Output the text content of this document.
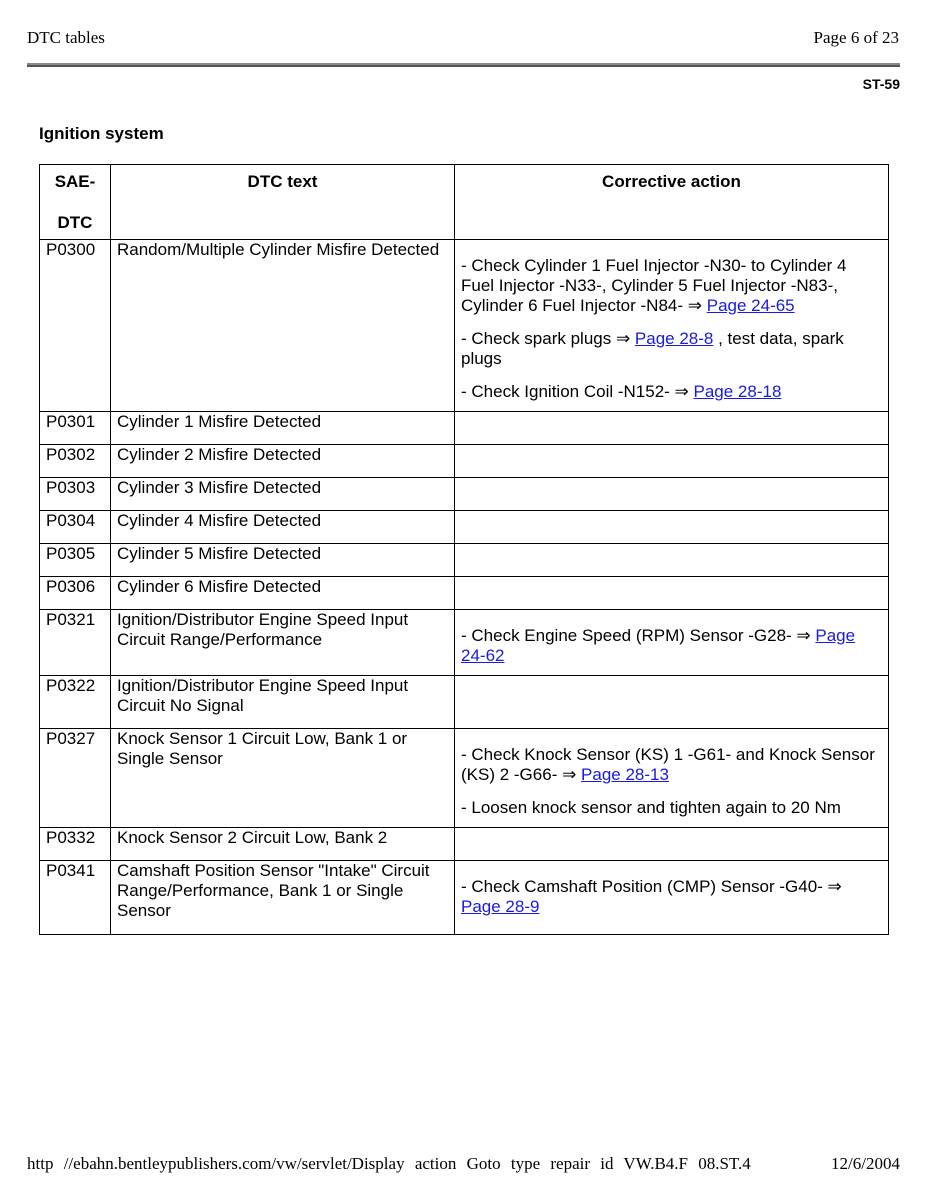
DTC tables	Page 6 of 23
ST-59
Ignition system
SAE-
DTC	DTC text	Corrective action
P0300	Random/Multiple Cylinder Misfire Detected	- Check Cylinder 1 Fuel Injector -N30- to Cylinder 4 Fuel Injector -N33-, Cylinder 5 Fuel Injector -N83-, Cylinder 6 Fuel Injector -N84- ⇒ Page 24-65

- Check spark plugs ⇒ Page 28-8 , test data, spark plugs

- Check Ignition Coil -N152- ⇒ Page 28-18

P0301	Cylinder 1 Misfire Detected	
P0302	Cylinder 2 Misfire Detected	
P0303	Cylinder 3 Misfire Detected	
P0304	Cylinder 4 Misfire Detected	
P0305	Cylinder 5 Misfire Detected	
P0306	Cylinder 6 Misfire Detected	
P0321	Ignition/Distributor Engine Speed Input Circuit Range/Performance	- Check Engine Speed (RPM) Sensor -G28- ⇒ Page 24-62

P0322	Ignition/Distributor Engine Speed Input Circuit No Signal	
P0327	Knock Sensor 1 Circuit Low, Bank 1 or Single Sensor	- Check Knock Sensor (KS) 1 -G61- and Knock Sensor (KS) 2 -G66- ⇒ Page 28-13

- Loosen knock sensor and tighten again to 20 Nm

P0332	Knock Sensor 2 Circuit Low, Bank 2	
P0341	Camshaft Position Sensor "Intake" Circuit Range/Performance, Bank 1 or Single Sensor	- Check Camshaft Position (CMP) Sensor -G40- ⇒ Page 28-9

http //ebahn.bentleypublishers.com/vw/servlet/Display action Goto type repair id VW.B4.F 08.ST.4	12/6/2004
